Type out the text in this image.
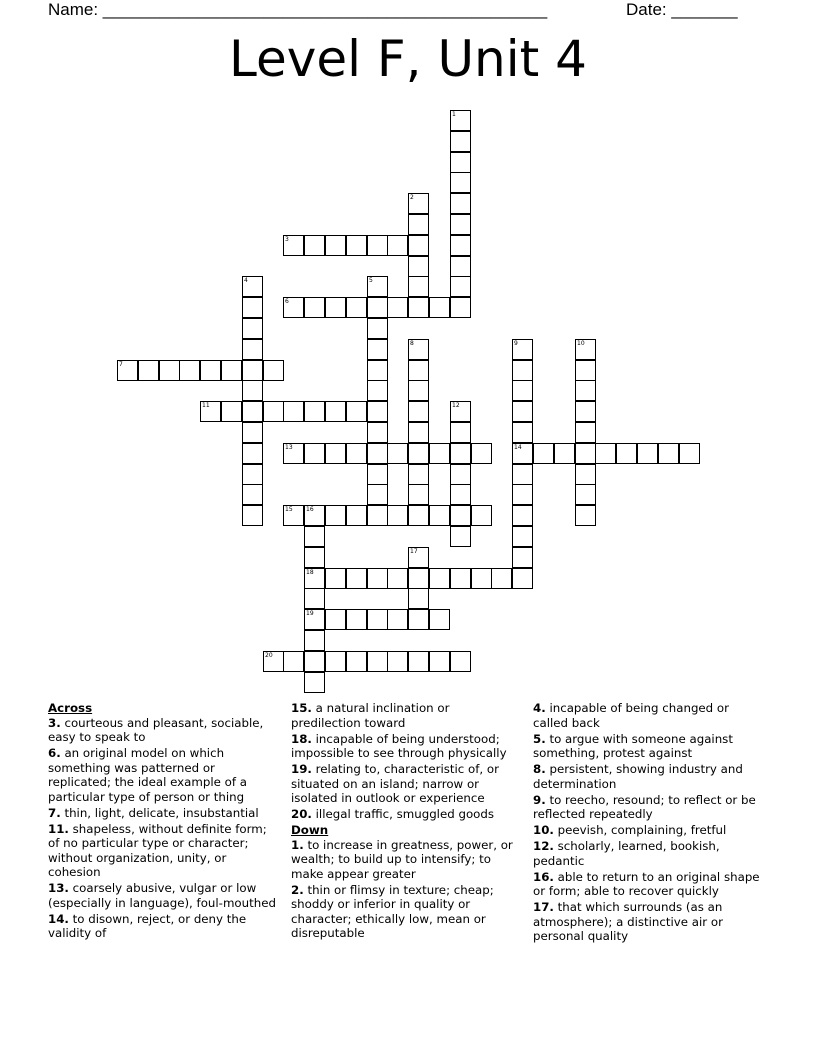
Name: _______________________________________________	Date: _______
Level F, Unit 4
3
6
7
11
13	14
15 16
18
19
20
1
2
4	5
8	9	10
12
17
Across
3. courteous and pleasant, sociable, easy to speak to
6. an original model on which something was patterned or replicated; the ideal example of a particular type of person or thing
7. thin, light, delicate, insubstantial
11. shapeless, without definite form; of no particular type or character; without organization, unity, or cohesion
13. coarsely abusive, vulgar or low (especially in language), foul-mouthed
14. to disown, reject, or deny the validity of
15. a natural inclination or predilection toward
18. incapable of being understood; impossible to see through physically
19. relating to, characteristic of, or situated on an island; narrow or isolated in outlook or experience
20. illegal traffic, smuggled goods
Down
1. to increase in greatness, power, or wealth; to build up to intensify; to make appear greater
2. thin or flimsy in texture; cheap; shoddy or inferior in quality or character; ethically low, mean or disreputable
4. incapable of being changed or called back
5. to argue with someone against something, protest against
8. persistent, showing industry and determination
9. to reecho, resound; to reflect or be reflected repeatedly
10. peevish, complaining, fretful
12. scholarly, learned, bookish, pedantic
16. able to return to an original shape or form; able to recover quickly
17. that which surrounds (as an atmosphere); a distinctive air or personal quality
